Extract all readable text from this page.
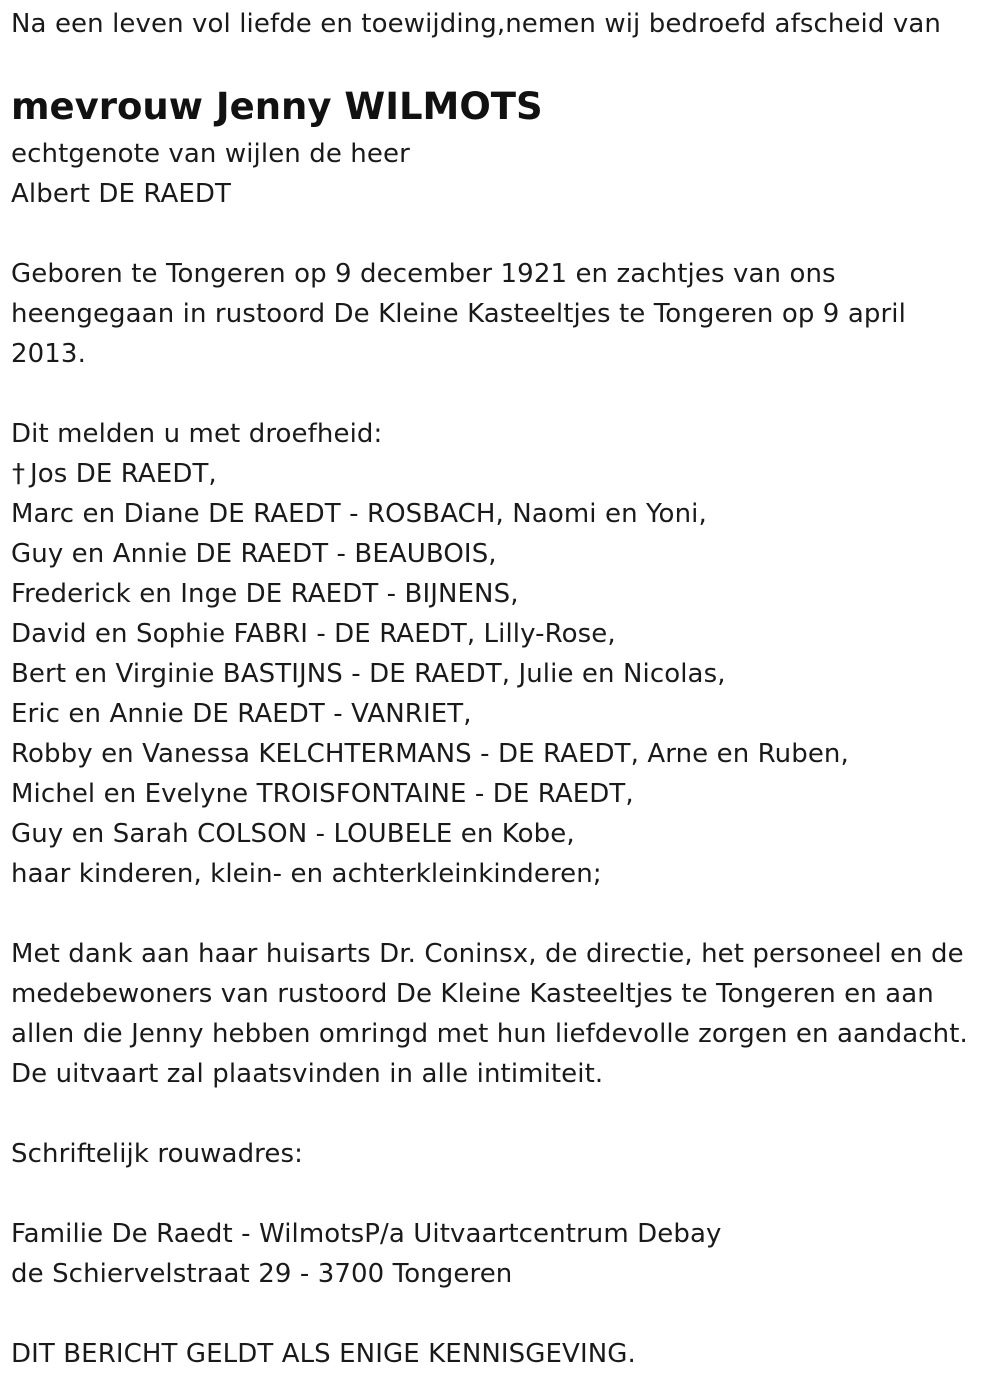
Na een leven vol liefde en toewijding,nemen wij bedroefd afscheid van
mevrouw Jenny WILMOTS
echtgenote van wijlen de heer
Albert DE RAEDT
Geboren te Tongeren op 9 december 1921 en zachtjes van ons
heengegaan in rustoord De Kleine Kasteeltjes te Tongeren op 9 april
2013.
Dit melden u met droefheid:
† Jos DE RAEDT,
Marc en Diane DE RAEDT - ROSBACH, Naomi en Yoni,
Guy en Annie DE RAEDT - BEAUBOIS,
Frederick en Inge DE RAEDT - BIJNENS,
David en Sophie FABRI - DE RAEDT, Lilly-Rose,
Bert en Virginie BASTIJNS - DE RAEDT, Julie en Nicolas,
Eric en Annie DE RAEDT - VANRIET,
Robby en Vanessa KELCHTERMANS - DE RAEDT, Arne en Ruben,
Michel en Evelyne TROISFONTAINE - DE RAEDT,
Guy en Sarah COLSON - LOUBELE en Kobe,
haar kinderen, klein- en achterkleinkinderen;
Met dank aan haar huisarts Dr. Coninsx, de directie, het personeel en de
medebewoners van rustoord De Kleine Kasteeltjes te Tongeren en aan
allen die Jenny hebben omringd met hun liefdevolle zorgen en aandacht.
De uitvaart zal plaatsvinden in alle intimiteit.
Schriftelijk rouwadres:
Familie De Raedt - WilmotsP/a Uitvaartcentrum Debay
de Schiervelstraat 29 - 3700 Tongeren
DIT BERICHT GELDT ALS ENIGE KENNISGEVING.
